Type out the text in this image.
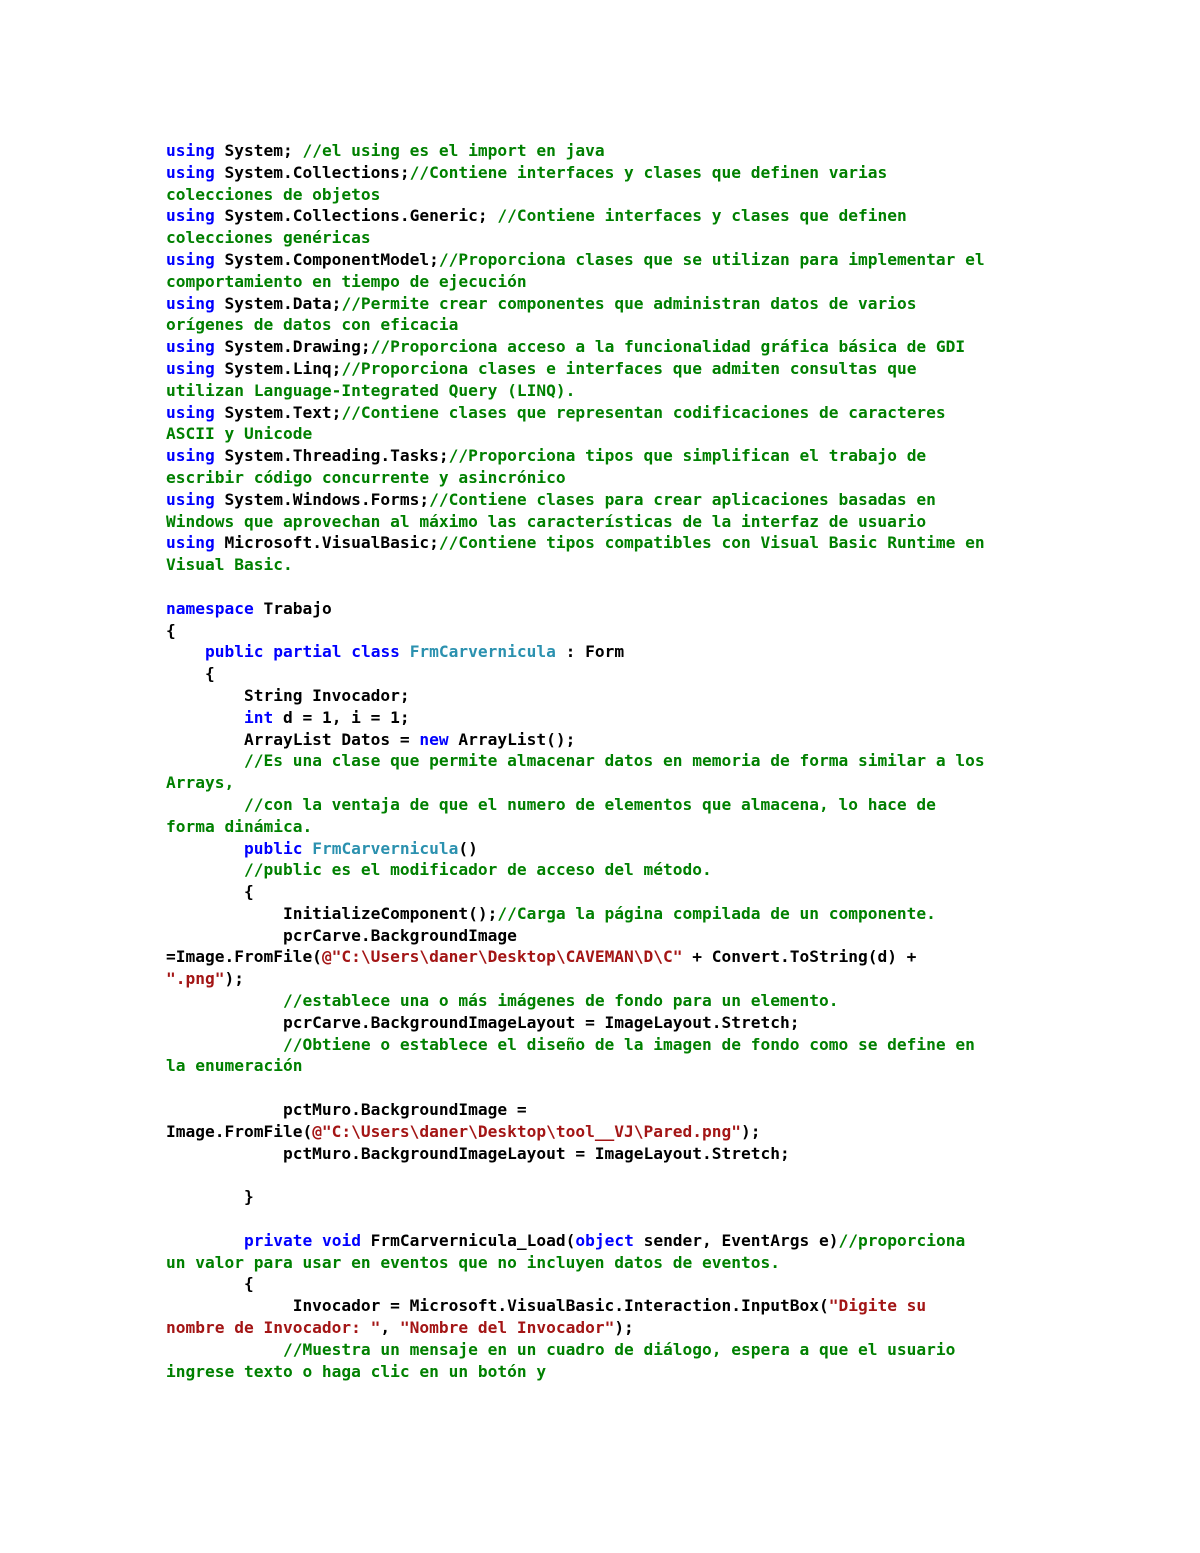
using System; //el using es el import en java
using System.Collections;//Contiene interfaces y clases que definen varias
colecciones de objetos
using System.Collections.Generic; //Contiene interfaces y clases que definen
colecciones genéricas
using System.ComponentModel;//Proporciona clases que se utilizan para implementar el
comportamiento en tiempo de ejecución
using System.Data;//Permite crear componentes que administran datos de varios
orígenes de datos con eficacia
using System.Drawing;//Proporciona acceso a la funcionalidad gráfica básica de GDI
using System.Linq;//Proporciona clases e interfaces que admiten consultas que
utilizan Language-Integrated Query (LINQ).
using System.Text;//Contiene clases que representan codificaciones de caracteres
ASCII y Unicode
using System.Threading.Tasks;//Proporciona tipos que simplifican el trabajo de
escribir código concurrente y asincrónico
using System.Windows.Forms;//Contiene clases para crear aplicaciones basadas en
Windows que aprovechan al máximo las características de la interfaz de usuario
using Microsoft.VisualBasic;//Contiene tipos compatibles con Visual Basic Runtime en
Visual Basic.

namespace Trabajo
{
public partial class FrmCarvernicula : Form
{
String Invocador;
int d = 1, i = 1;
ArrayList Datos = new ArrayList();
//Es una clase que permite almacenar datos en memoria de forma similar a los
Arrays,
//con la ventaja de que el numero de elementos que almacena, lo hace de
forma dinámica.
public FrmCarvernicula()
//public es el modificador de acceso del método.
{
InitializeComponent();//Carga la página compilada de un componente.
pcrCarve.BackgroundImage
=Image.FromFile(@"C:\Users\daner\Desktop\CAVEMAN\D\C" + Convert.ToString(d) +
".png");
//establece una o más imágenes de fondo para un elemento.
pcrCarve.BackgroundImageLayout = ImageLayout.Stretch;
//Obtiene o establece el diseño de la imagen de fondo como se define en
la enumeración

pctMuro.BackgroundImage =
Image.FromFile(@"C:\Users\daner\Desktop\tool__VJ\Pared.png");
pctMuro.BackgroundImageLayout = ImageLayout.Stretch;

}

private void FrmCarvernicula_Load(object sender, EventArgs e)//proporciona
un valor para usar en eventos que no incluyen datos de eventos.
{
Invocador = Microsoft.VisualBasic.Interaction.InputBox("Digite su
nombre de Invocador: ", "Nombre del Invocador");
//Muestra un mensaje en un cuadro de diálogo, espera a que el usuario
ingrese texto o haga clic en un botón y
